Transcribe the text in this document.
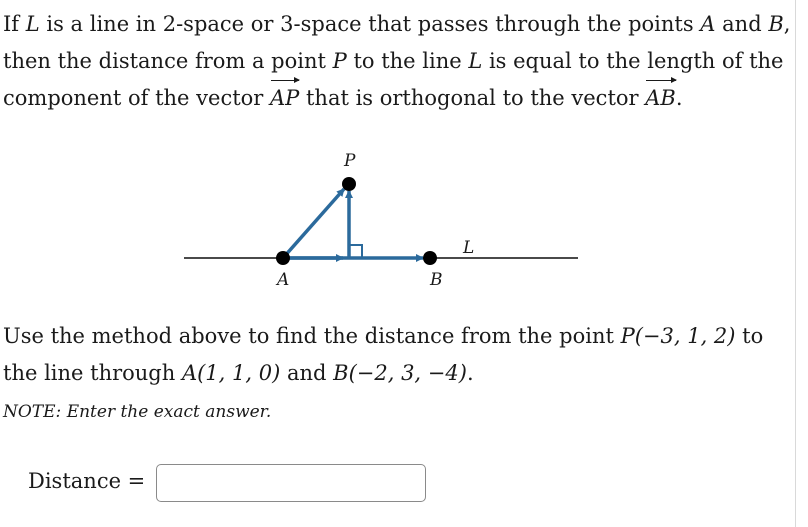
If L is a line in 2-space or 3-space that passes through the points A and B, then the distance from a point P to the line L is equal to the length of the component of the vector AP that is orthogonal to the vector AB.

P
A	B
L

Use the method above to find the distance from the point P(−3, 1, 2) to the line through A(1, 1, 0) and B(−2, 3, −4).

NOTE: Enter the exact answer.

Distance =
